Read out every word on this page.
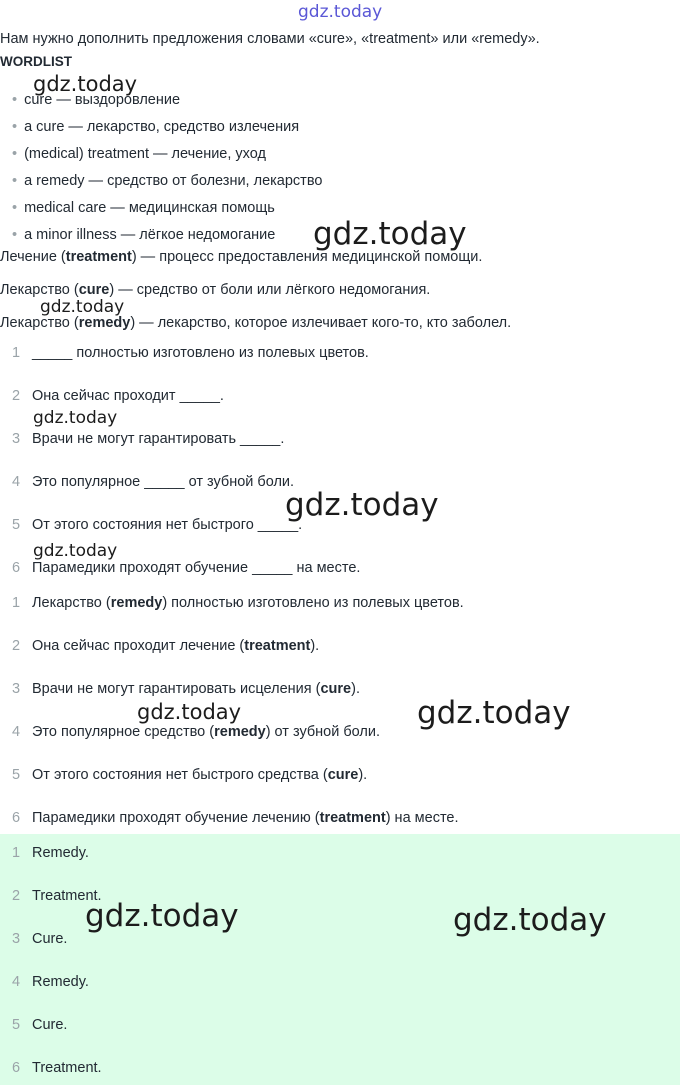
gdz.today
gdz.today
gdz.today
gdz.today
gdz.today
gdz.today
gdz.today
gdz.today	gdz.today
Нам нужно дополнить предложения словами «cure», «treatment» или «remedy».
WORDLIST
• cure — выздоровление
• a cure — лекарство, средство излечения
• (medical) treatment — лечение, уход
• a remedy — средство от болезни, лекарство
• medical care — медицинская помощь
• a minor illness — лёгкое недомогание
Лечение (treatment) — процесс предоставления медицинской помощи.
Лекарство (cure) — средство от боли или лёгкого недомогания.
Лекарство (remedy) — лекарство, которое излечивает кого-то, кто заболел.
1 _____ полностью изготовлено из полевых цветов.
2 Она сейчас проходит _____.
3 Врачи не могут гарантировать _____.
4 Это популярное _____ от зубной боли.
5 От этого состояния нет быстрого _____.
6 Парамедики проходят обучение _____ на месте.
1 Лекарство (remedy) полностью изготовлено из полевых цветов.
2 Она сейчас проходит лечение (treatment).
3 Врачи не могут гарантировать исцеления (cure).
4 Это популярное средство (remedy) от зубной боли.
5 От этого состояния нет быстрого средства (cure).
6 Парамедики проходят обучение лечению (treatment) на месте.
1 Remedy.
2 Treatment.
3 Cure.
4 Remedy.
5 Cure.
6 Treatment.
gdz.today	gdz.today
